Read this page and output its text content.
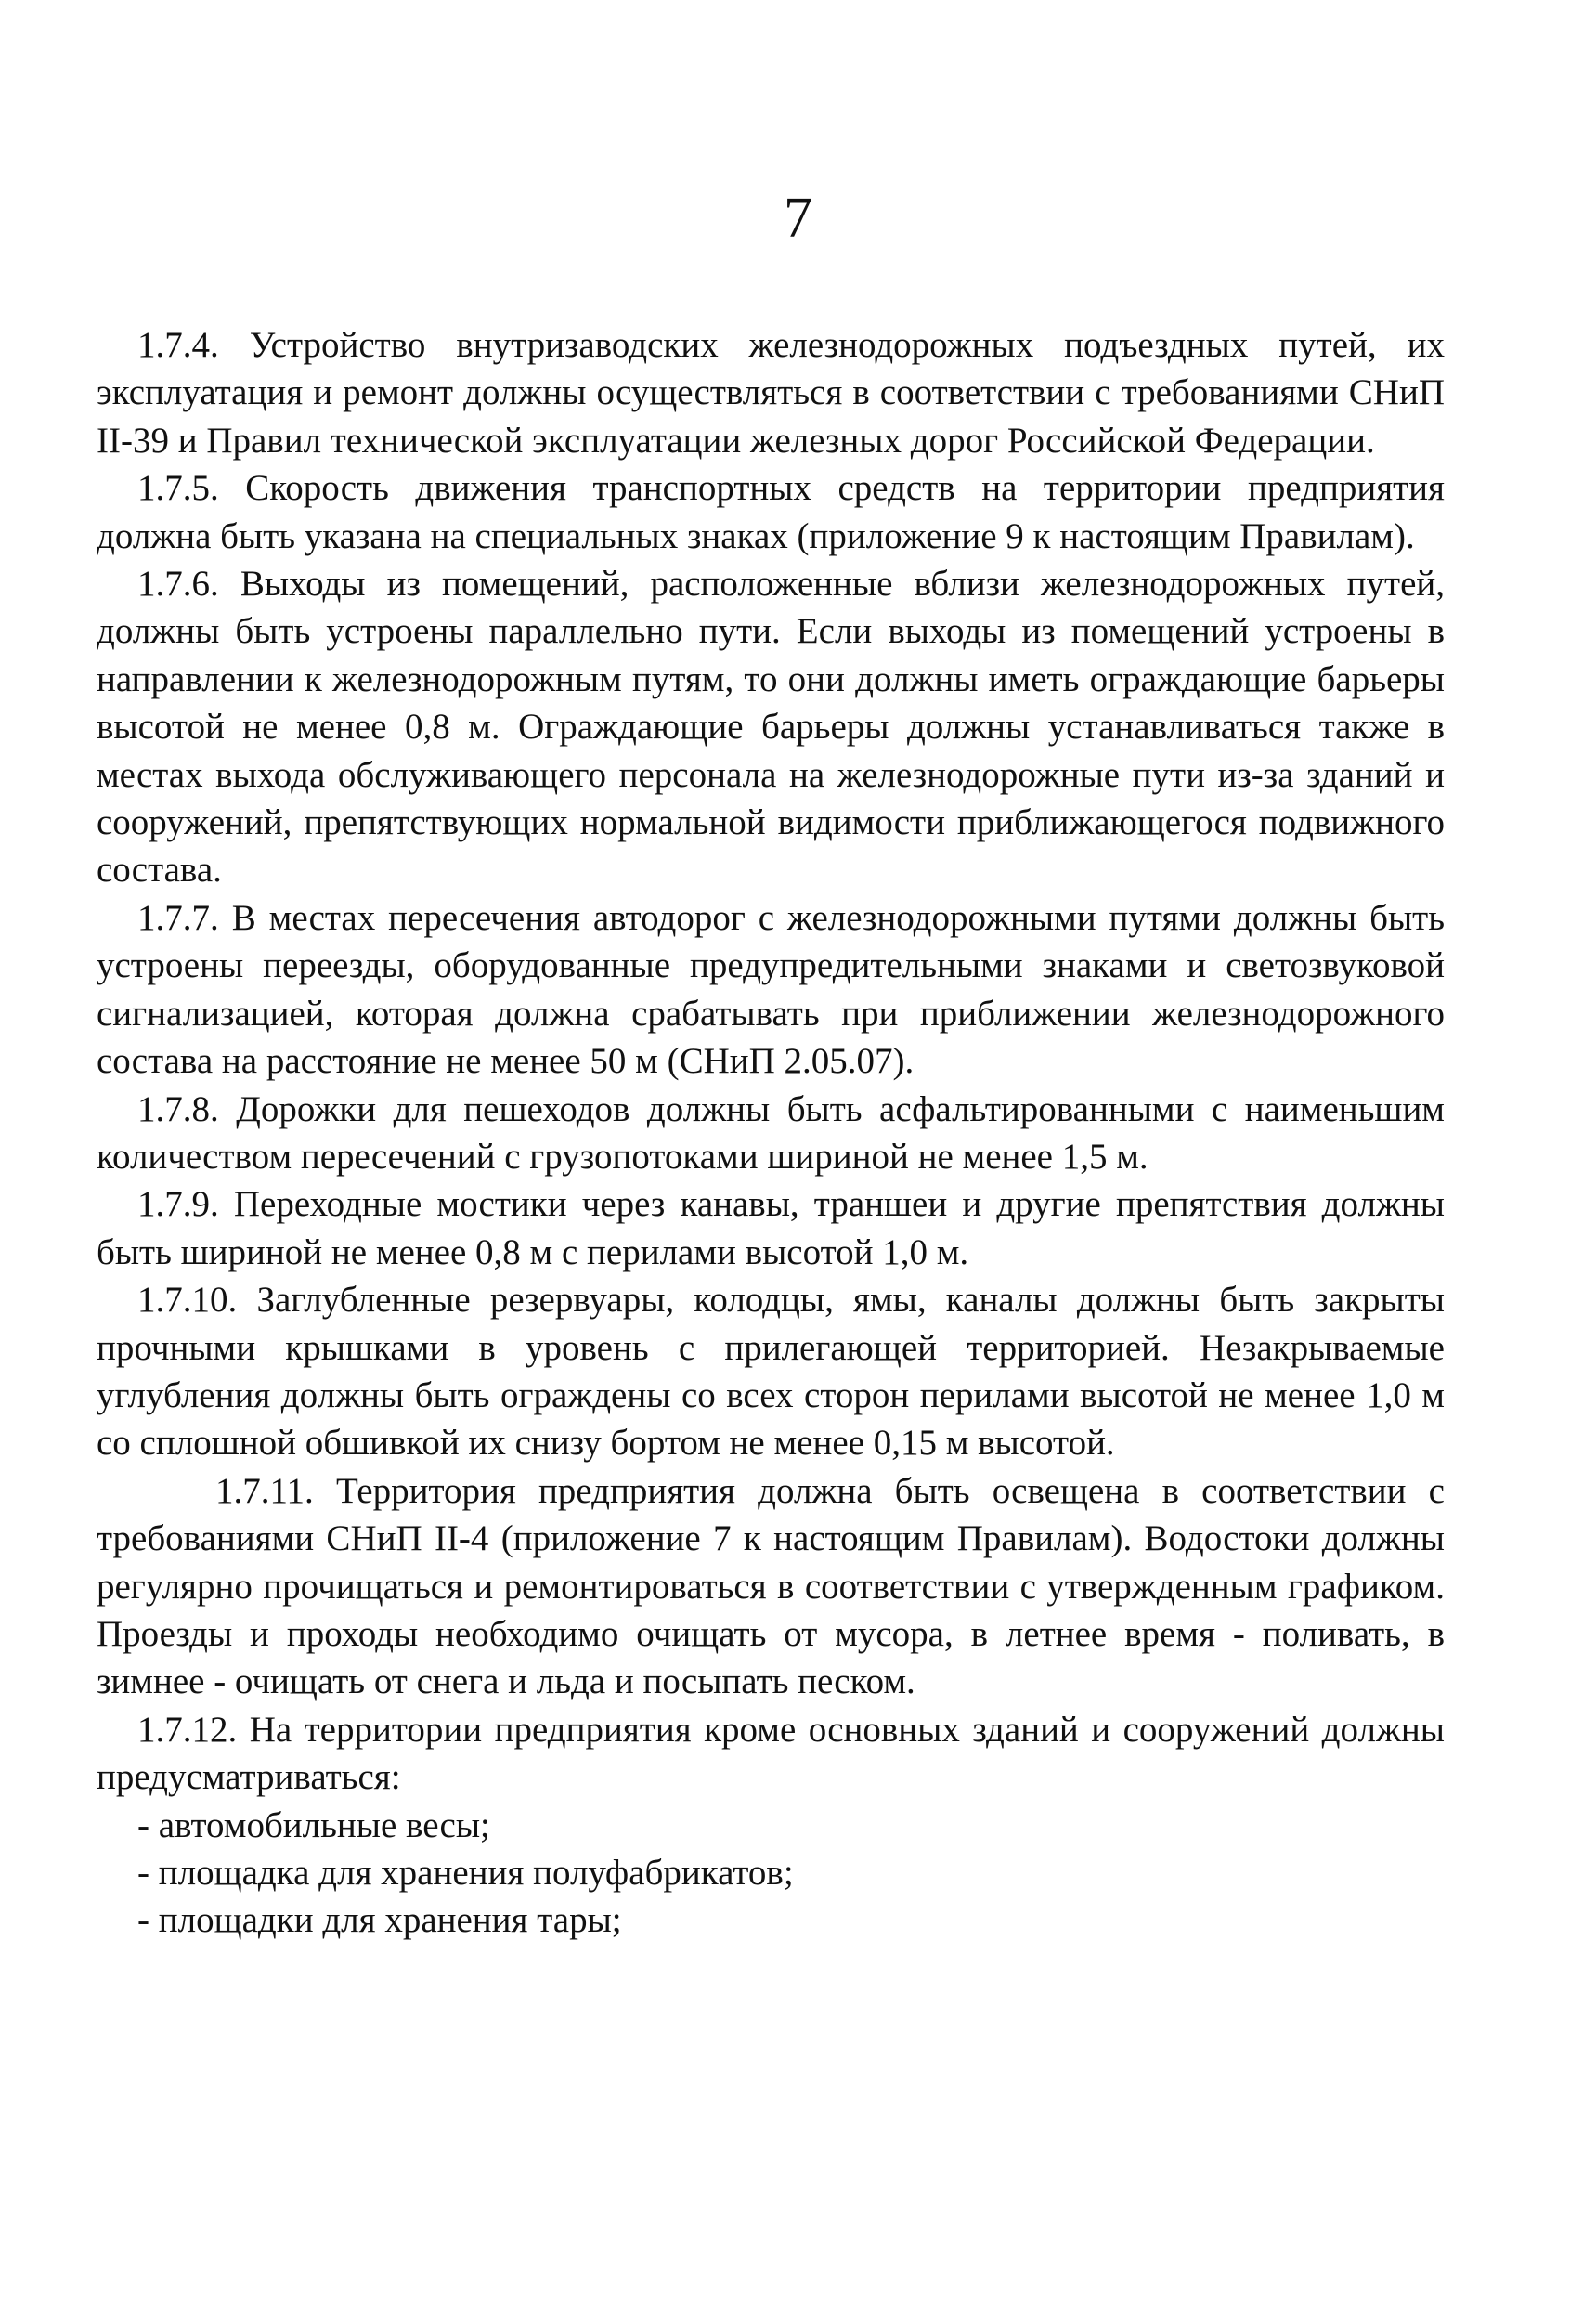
7

1.7.4. Устройство внутризаводских железнодорожных подъездных путей, их эксплуатация и ремонт должны осуществляться в соответствии с требованиями СНиП II-39 и Правил технической эксплуатации железных дорог Российской Федерации.

1.7.5. Скорость движения транспортных средств на территории предприятия должна быть указана на специальных знаках (приложение 9 к настоящим Правилам).

1.7.6. Выходы из помещений, расположенные вблизи железнодорожных путей, должны быть устроены параллельно пути. Если выходы из помещений устроены в направлении к железнодорожным путям, то они должны иметь ограждающие барьеры высотой не менее 0,8 м. Ограждающие барьеры должны устанавливаться также в местах выхода обслуживающего персонала на железнодорожные пути из-за зданий и сооружений, препятствующих нормальной видимости приближающегося подвижного состава.

1.7.7. В местах пересечения автодорог с железнодорожными путями должны быть устроены переезды, оборудованные предупредительными знаками и светозвуковой сигнализацией, которая должна срабатывать при приближении железнодорожного состава на расстояние не менее 50 м (СНиП 2.05.07).

1.7.8. Дорожки для пешеходов должны быть асфальтированными с наименьшим количеством пересечений с грузопотоками шириной не менее 1,5 м.

1.7.9. Переходные мостики через канавы, траншеи и другие препятствия должны быть шириной не менее 0,8 м с перилами высотой 1,0 м.

1.7.10. Заглубленные резервуары, колодцы, ямы, каналы должны быть закрыты прочными крышками в уровень с прилегающей территорией. Незакрываемые углубления должны быть ограждены со всех сторон перилами высотой не менее 1,0 м со сплошной обшивкой их снизу бортом не менее 0,15 м высотой.

1.7.11. Территория предприятия должна быть освещена в соответствии с требованиями СНиП II-4 (приложение 7 к настоящим Правилам). Водостоки должны регулярно прочищаться и ремонтироваться в соответствии с утвержденным графиком. Проезды и проходы необходимо очищать от мусора, в летнее время - поливать, в зимнее - очищать от снега и льда и посыпать песком.

1.7.12. На территории предприятия кроме основных зданий и сооружений должны предусматриваться:

- автомобильные весы;
- площадка для хранения полуфабрикатов;
- площадки для хранения тары;
